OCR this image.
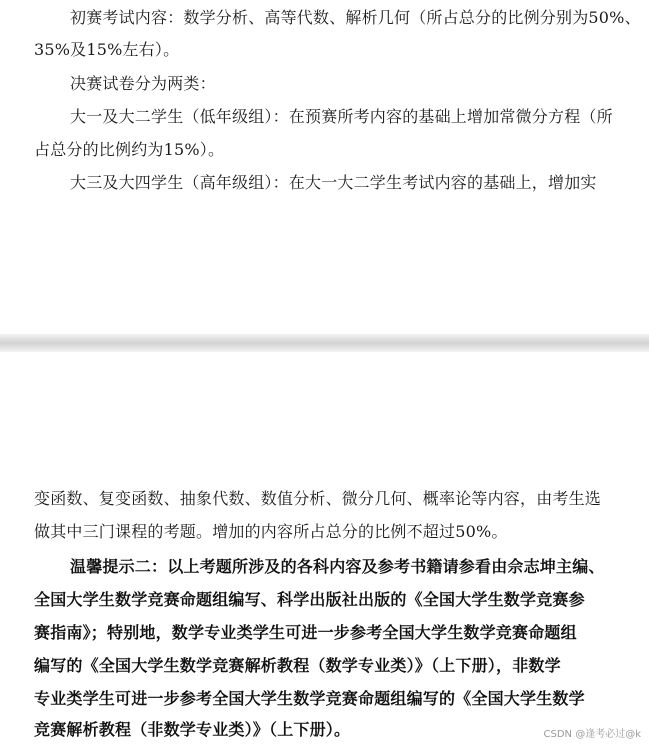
初赛考试内容：数学分析、高等代数、解析几何（所占总分的比例分别为50%、
35%及15%左右）。
决赛试卷分为两类：
大一及大二学生（低年级组）：在预赛所考内容的基础上增加常微分方程（所
占总分的比例约为15%）。
大三及大四学生（高年级组）：在大一大二学生考试内容的基础上，增加实
变函数、复变函数、抽象代数、数值分析、微分几何、概率论等内容，由考生选
做其中三门课程的考题。增加的内容所占总分的比例不超过50%。
温馨提示二：以上考题所涉及的各科内容及参考书籍请参看由佘志坤主编、
全国大学生数学竞赛命题组编写、科学出版社出版的《全国大学生数学竞赛参
赛指南》；特别地，数学专业类学生可进一步参考全国大学生数学竞赛命题组
编写的《全国大学生数学竞赛解析教程（数学专业类）》（上下册），非数学
专业类学生可进一步参考全国大学生数学竞赛命题组编写的《全国大学生数学
竞赛解析教程（非数学专业类）》（上下册）。	CSDN @逢考必过@k
